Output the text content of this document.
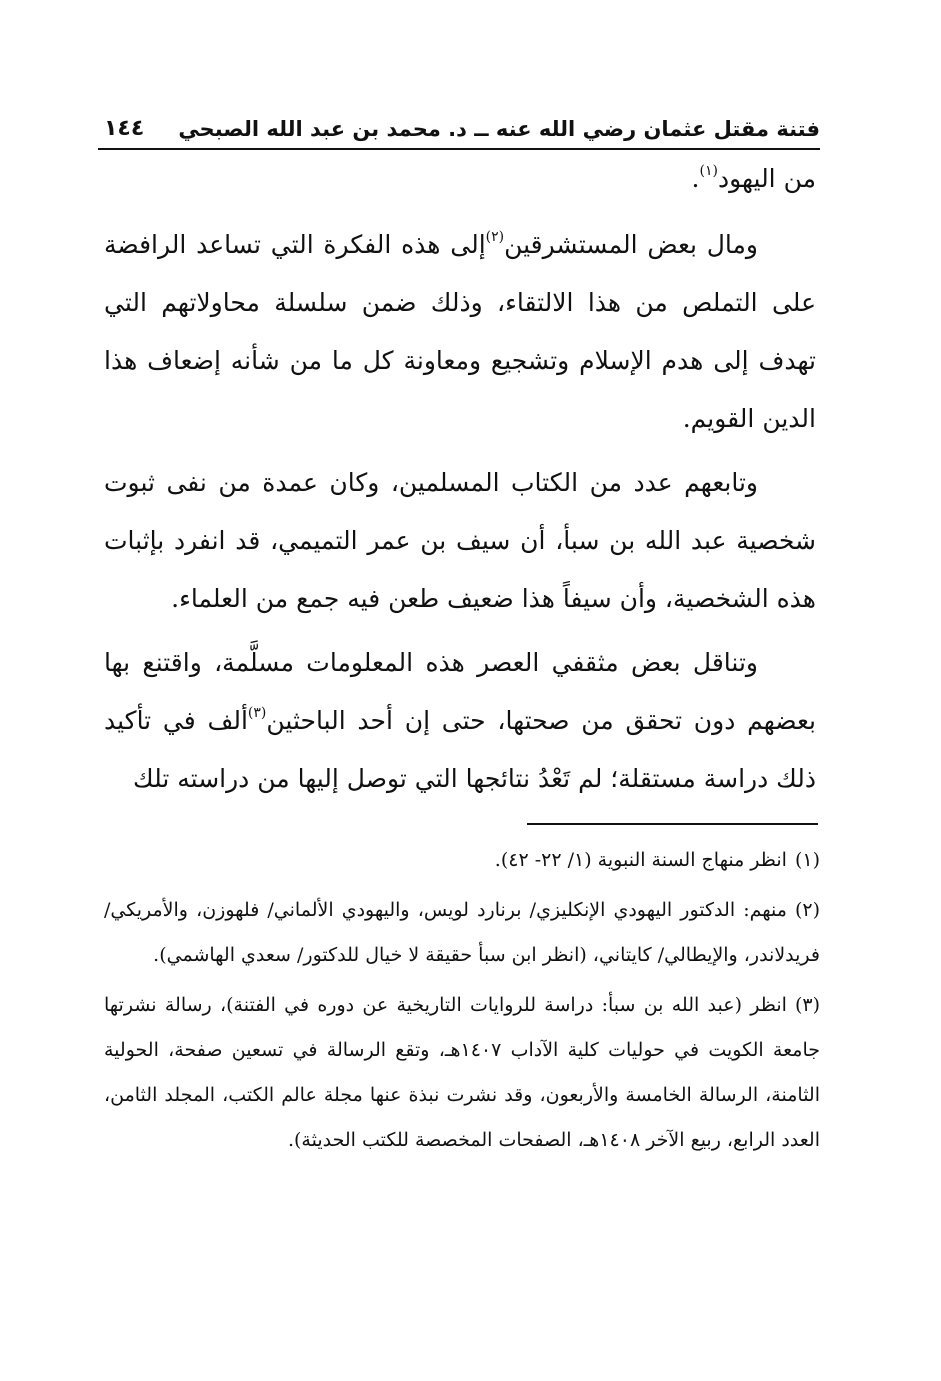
فتنة مقتل عثمان رضي الله عنه ــ د. محمد بن عبد الله الصبحي
١٤٤

من اليهود$^{(١)}$.

ومال بعض المستشرقين$^{(٢)}$إلى هذه الفكرة التي تساعد الرافضة على التملص من هذا الالتقاء، وذلك ضمن سلسلة محاولاتهم التي تهدف إلى هدم الإسلام وتشجيع ومعاونة كل ما من شأنه إضعاف هذا الدين القويم.

وتابعهم عدد من الكتاب المسلمين، وكان عمدة من نفى ثبوت شخصية عبد الله بن سبأ، أن سيف بن عمر التميمي، قد انفرد بإثبات هذه الشخصية، وأن سيفاً هذا ضعيف طعن فيه جمع من العلماء.

وتناقل بعض مثقفي العصر هذه المعلومات مسلَّمة، واقتنع بها بعضهم دون تحقق من صحتها، حتى إن أحد الباحثين$^{(٣)}$ألف في تأكيد ذلك دراسة مستقلة؛ لم تَعْدُ نتائجها التي توصل إليها من دراسته تلك

(١)انظر منهاج السنة النبوية (١/ ٢٢- ٤٢).

(٢)منهم: الدكتور اليهودي الإنكليزي/ برنارد لويس، واليهودي الألماني/ فلهوزن، والأمريكي/ فريدلاندر، والإيطالي/ كايتاني، (انظر ابن سبأ حقيقة لا خيال للدكتور/ سعدي الهاشمي).

(٣)انظر (عبد الله بن سبأ: دراسة للروايات التاريخية عن دوره في الفتنة)، رسالة نشرتها جامعة الكويت في حوليات كلية الآداب ١٤٠٧هـ، وتقع الرسالة في تسعين صفحة، الحولية الثامنة، الرسالة الخامسة والأربعون، وقد نشرت نبذة عنها مجلة عالم الكتب، المجلد الثامن، العدد الرابع، ربيع الآخر ١٤٠٨هـ، الصفحات المخصصة للكتب الحديثة).
